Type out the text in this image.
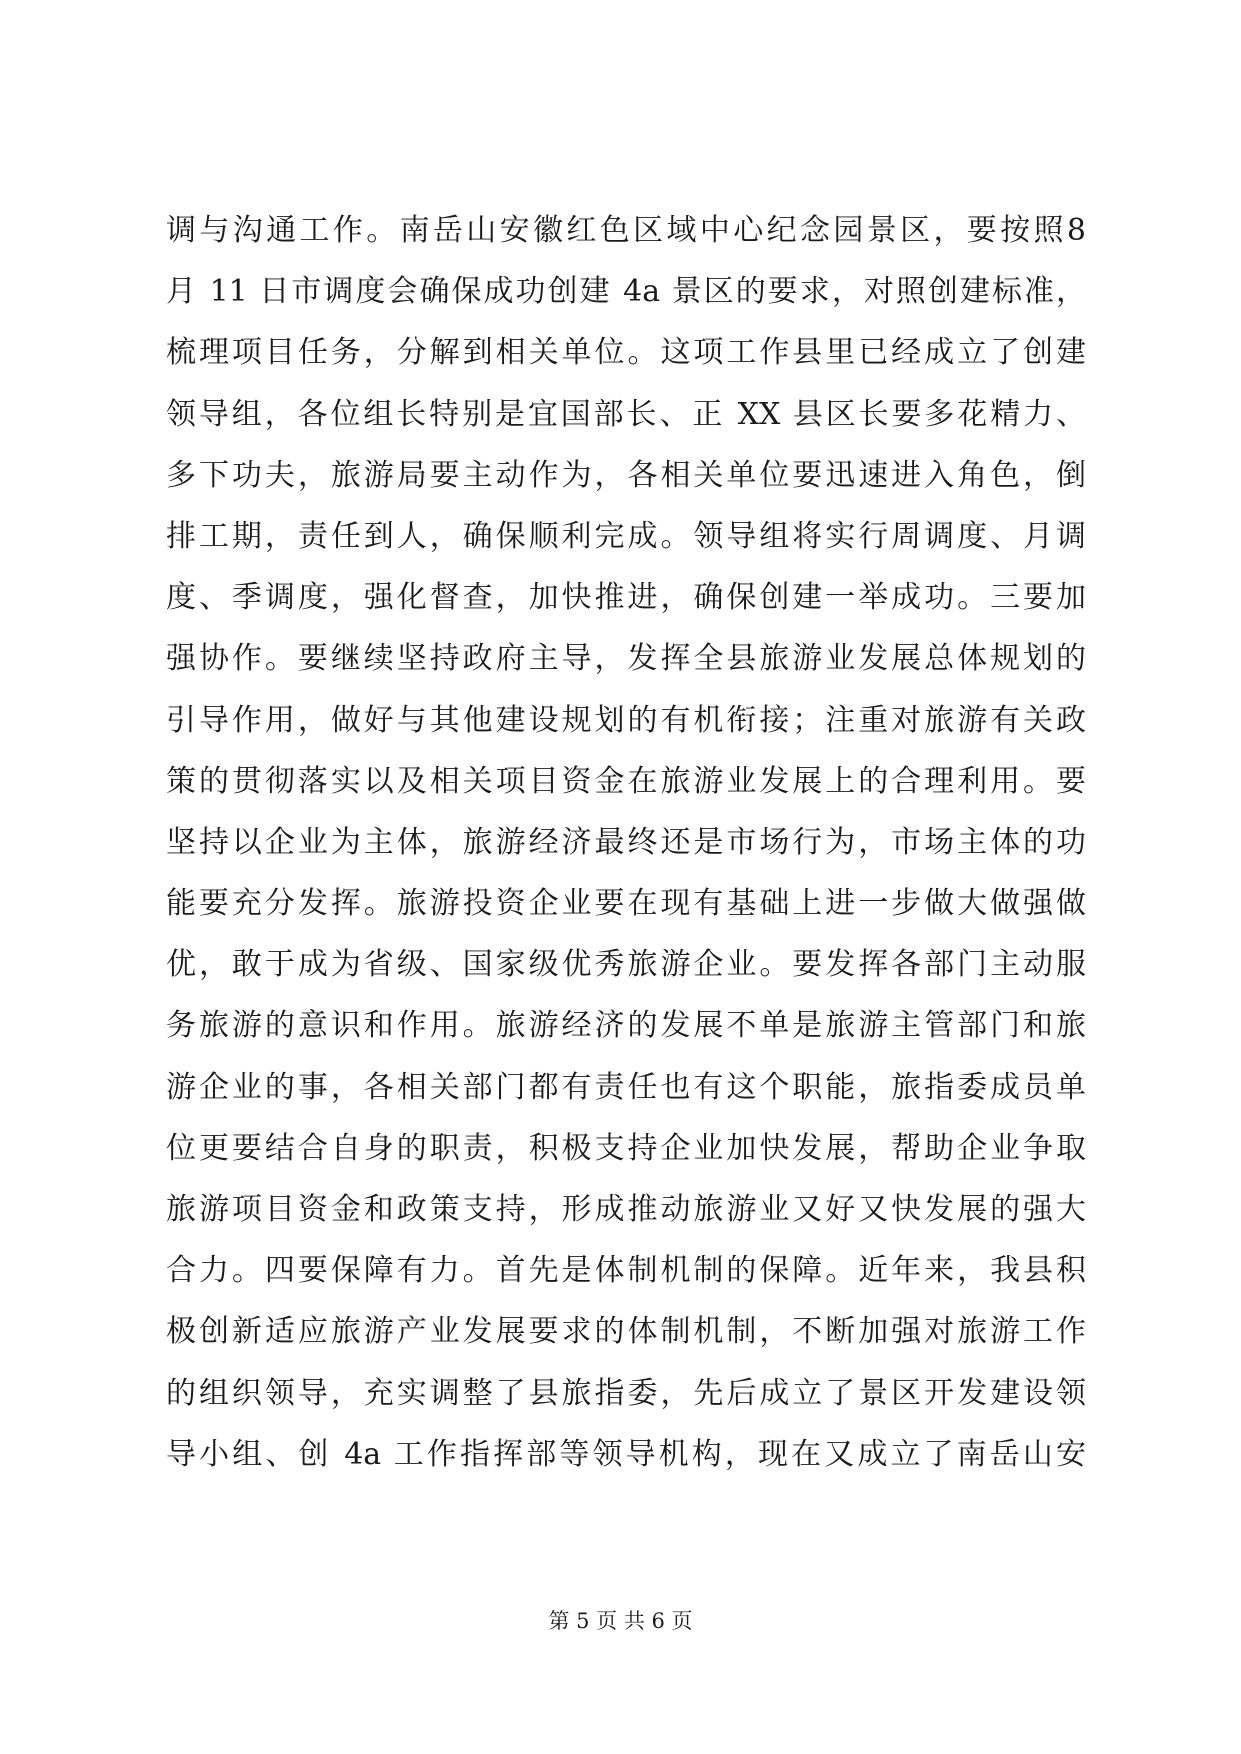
调与沟通工作。南岳山安徽红色区域中心纪念园景区，要按照8
月 11 日市调度会确保成功创建 4a 景区的要求，对照创建标准，
梳理项目任务，分解到相关单位。这项工作县里已经成立了创建
领导组，各位组长特别是宜国部长、正 XX 县区长要多花精力、
多下功夫，旅游局要主动作为，各相关单位要迅速进入角色，倒
排工期，责任到人，确保顺利完成。领导组将实行周调度、月调
度、季调度，强化督查，加快推进，确保创建一举成功。三要加
强协作。要继续坚持政府主导，发挥全县旅游业发展总体规划的
引导作用，做好与其他建设规划的有机衔接；注重对旅游有关政
策的贯彻落实以及相关项目资金在旅游业发展上的合理利用。要
坚持以企业为主体，旅游经济最终还是市场行为，市场主体的功
能要充分发挥。旅游投资企业要在现有基础上进一步做大做强做
优，敢于成为省级、国家级优秀旅游企业。要发挥各部门主动服
务旅游的意识和作用。旅游经济的发展不单是旅游主管部门和旅
游企业的事，各相关部门都有责任也有这个职能，旅指委成员单
位更要结合自身的职责，积极支持企业加快发展，帮助企业争取
旅游项目资金和政策支持，形成推动旅游业又好又快发展的强大
合力。四要保障有力。首先是体制机制的保障。近年来，我县积
极创新适应旅游产业发展要求的体制机制，不断加强对旅游工作
的组织领导，充实调整了县旅指委，先后成立了景区开发建设领
导小组、创 4a 工作指挥部等领导机构，现在又成立了南岳山安
第 5 页 共 6 页
